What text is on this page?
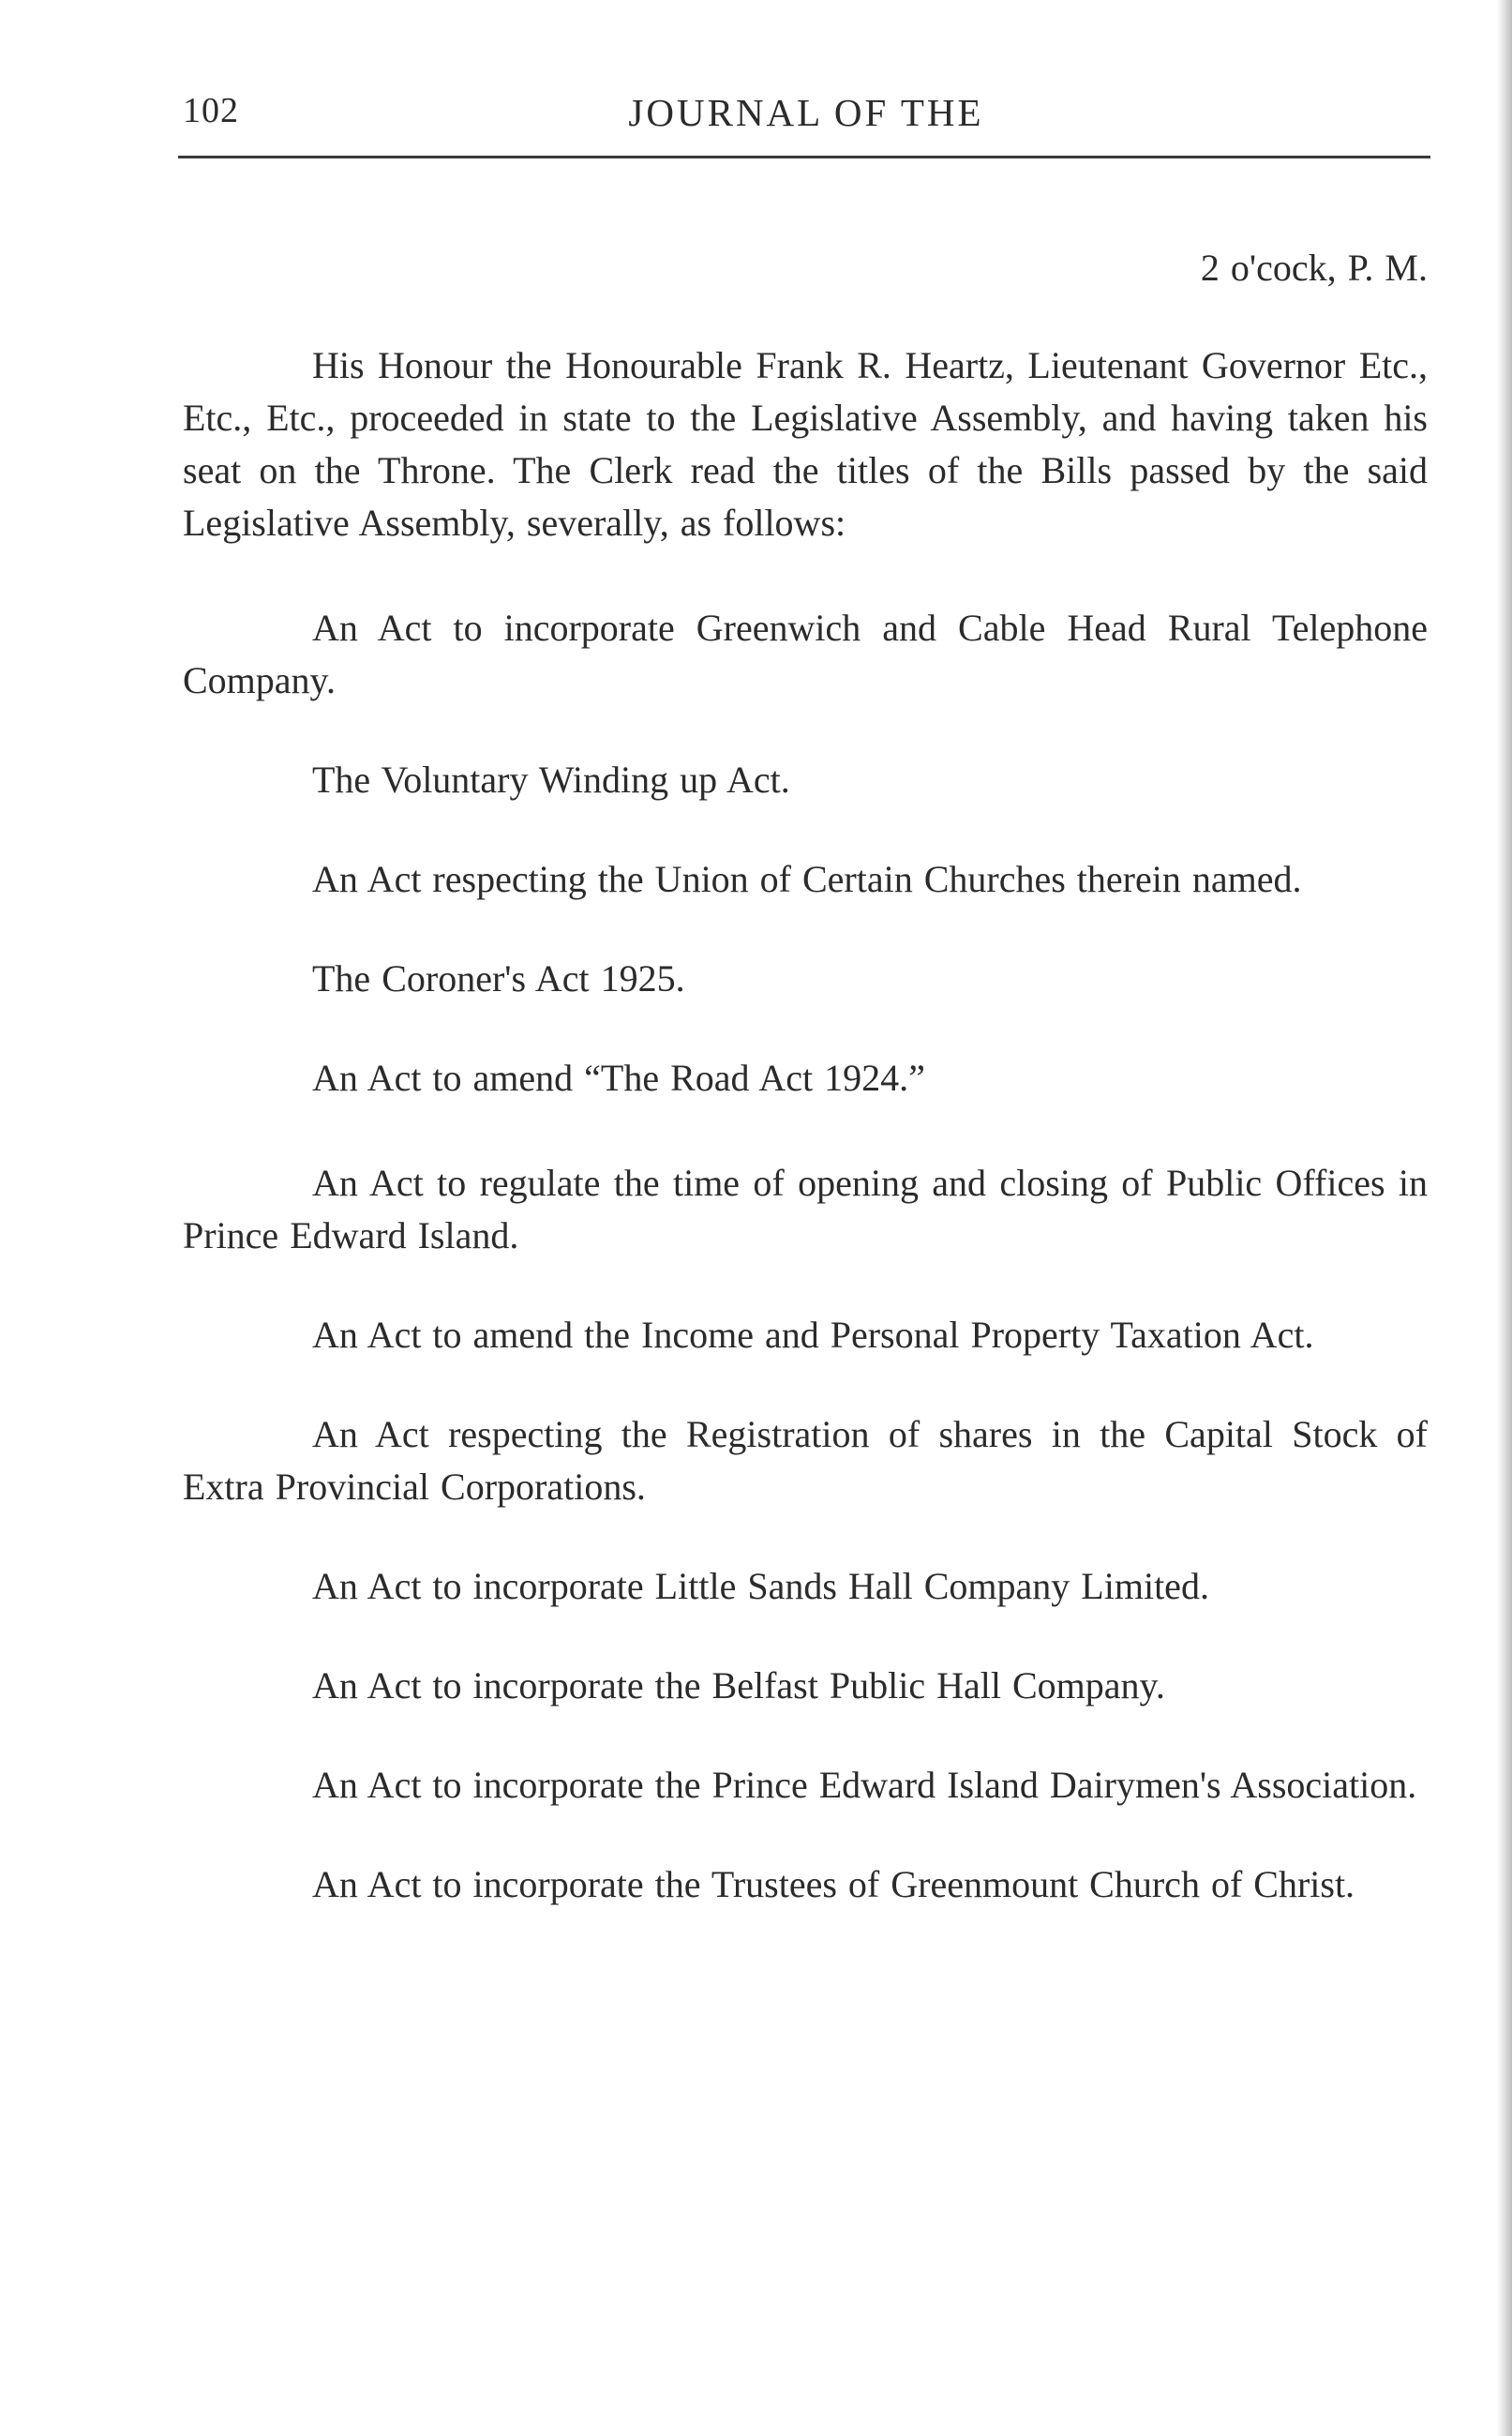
102	JOURNAL OF THE
2 o'cock, P. M.

His Honour the Honourable Frank R. Heartz, Lieutenant Governor Etc., Etc., Etc., proceeded in state to the Legislative Assembly, and having taken his seat on the Throne. The Clerk read the titles of the Bills passed by the said Legislative Assembly, severally, as follows:

An Act to incorporate Greenwich and Cable Head Rural Telephone Company.

The Voluntary Winding up Act.

An Act respecting the Union of Certain Churches therein named.

The Coroner's Act 1925.

An Act to amend “The Road Act 1924.”

An Act to regulate the time of opening and closing of Public Offices in Prince Edward Island.

An Act to amend the Income and Personal Property Taxation Act.

An Act respecting the Registration of shares in the Capital Stock of Extra Provincial Corporations.

An Act to incorporate Little Sands Hall Company Limited.

An Act to incorporate the Belfast Public Hall Company.

An Act to incorporate the Prince Edward Island Dairymen's Association.

An Act to incorporate the Trustees of Greenmount Church of Christ.
